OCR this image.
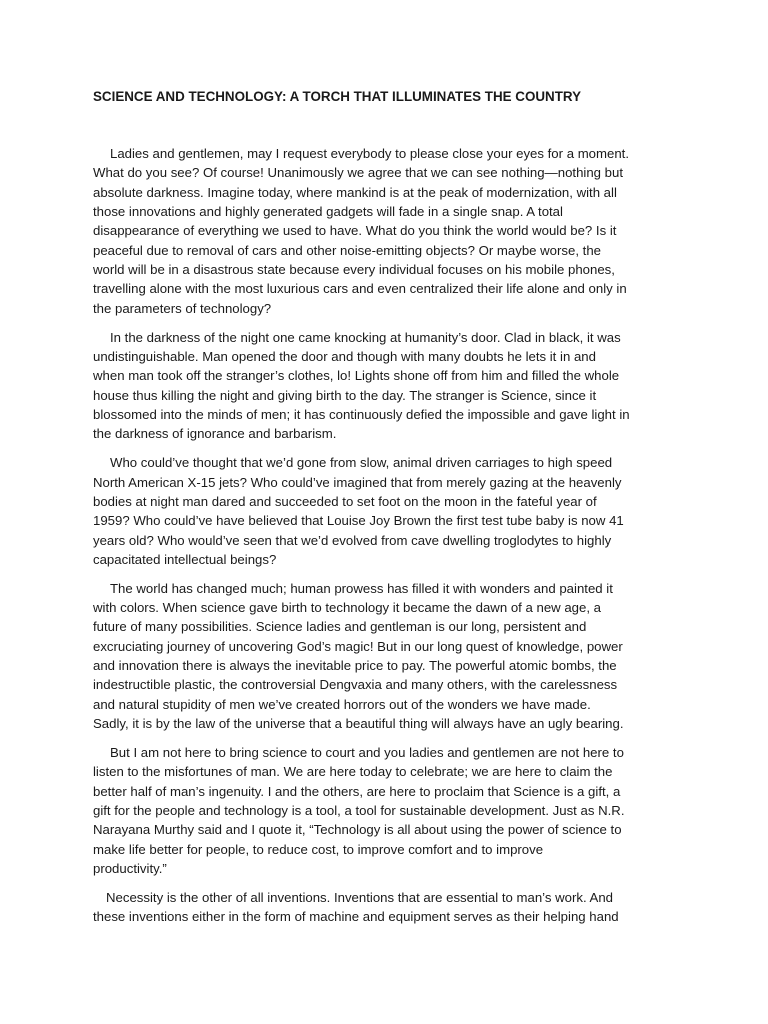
SCIENCE AND TECHNOLOGY: A TORCH THAT ILLUMINATES THE COUNTRY

Ladies and gentlemen, may I request everybody to please close your eyes for a moment.
What do you see? Of course! Unanimously we agree that we can see nothing—nothing but
absolute darkness. Imagine today, where mankind is at the peak of modernization, with all
those innovations and highly generated gadgets will fade in a single snap. A total
disappearance of everything we used to have. What do you think the world would be? Is it
peaceful due to removal of cars and other noise-emitting objects? Or maybe worse, the
world will be in a disastrous state because every individual focuses on his mobile phones,
travelling alone with the most luxurious cars and even centralized their life alone and only in
the parameters of technology?

In the darkness of the night one came knocking at humanity’s door. Clad in black, it was
undistinguishable. Man opened the door and though with many doubts he lets it in and
when man took off the stranger’s clothes, lo! Lights shone off from him and filled the whole
house thus killing the night and giving birth to the day. The stranger is Science, since it
blossomed into the minds of men; it has continuously defied the impossible and gave light in
the darkness of ignorance and barbarism.

Who could’ve thought that we’d gone from slow, animal driven carriages to high speed
North American X-15 jets? Who could’ve imagined that from merely gazing at the heavenly
bodies at night man dared and succeeded to set foot on the moon in the fateful year of
1959? Who could’ve have believed that Louise Joy Brown the first test tube baby is now 41
years old? Who would’ve seen that we’d evolved from cave dwelling troglodytes to highly
capacitated intellectual beings?

The world has changed much; human prowess has filled it with wonders and painted it
with colors. When science gave birth to technology it became the dawn of a new age, a
future of many possibilities. Science ladies and gentleman is our long, persistent and
excruciating journey of uncovering God’s magic! But in our long quest of knowledge, power
and innovation there is always the inevitable price to pay. The powerful atomic bombs, the
indestructible plastic, the controversial Dengvaxia and many others, with the carelessness
and natural stupidity of men we’ve created horrors out of the wonders we have made.
Sadly, it is by the law of the universe that a beautiful thing will always have an ugly bearing.

But I am not here to bring science to court and you ladies and gentlemen are not here to
listen to the misfortunes of man. We are here today to celebrate; we are here to claim the
better half of man’s ingenuity. I and the others, are here to proclaim that Science is a gift, a
gift for the people and technology is a tool, a tool for sustainable development. Just as N.R.
Narayana Murthy said and I quote it, “Technology is all about using the power of science to
make life better for people, to reduce cost, to improve comfort and to improve
productivity.”

Necessity is the other of all inventions. Inventions that are essential to man’s work. And
these inventions either in the form of machine and equipment serves as their helping hand
